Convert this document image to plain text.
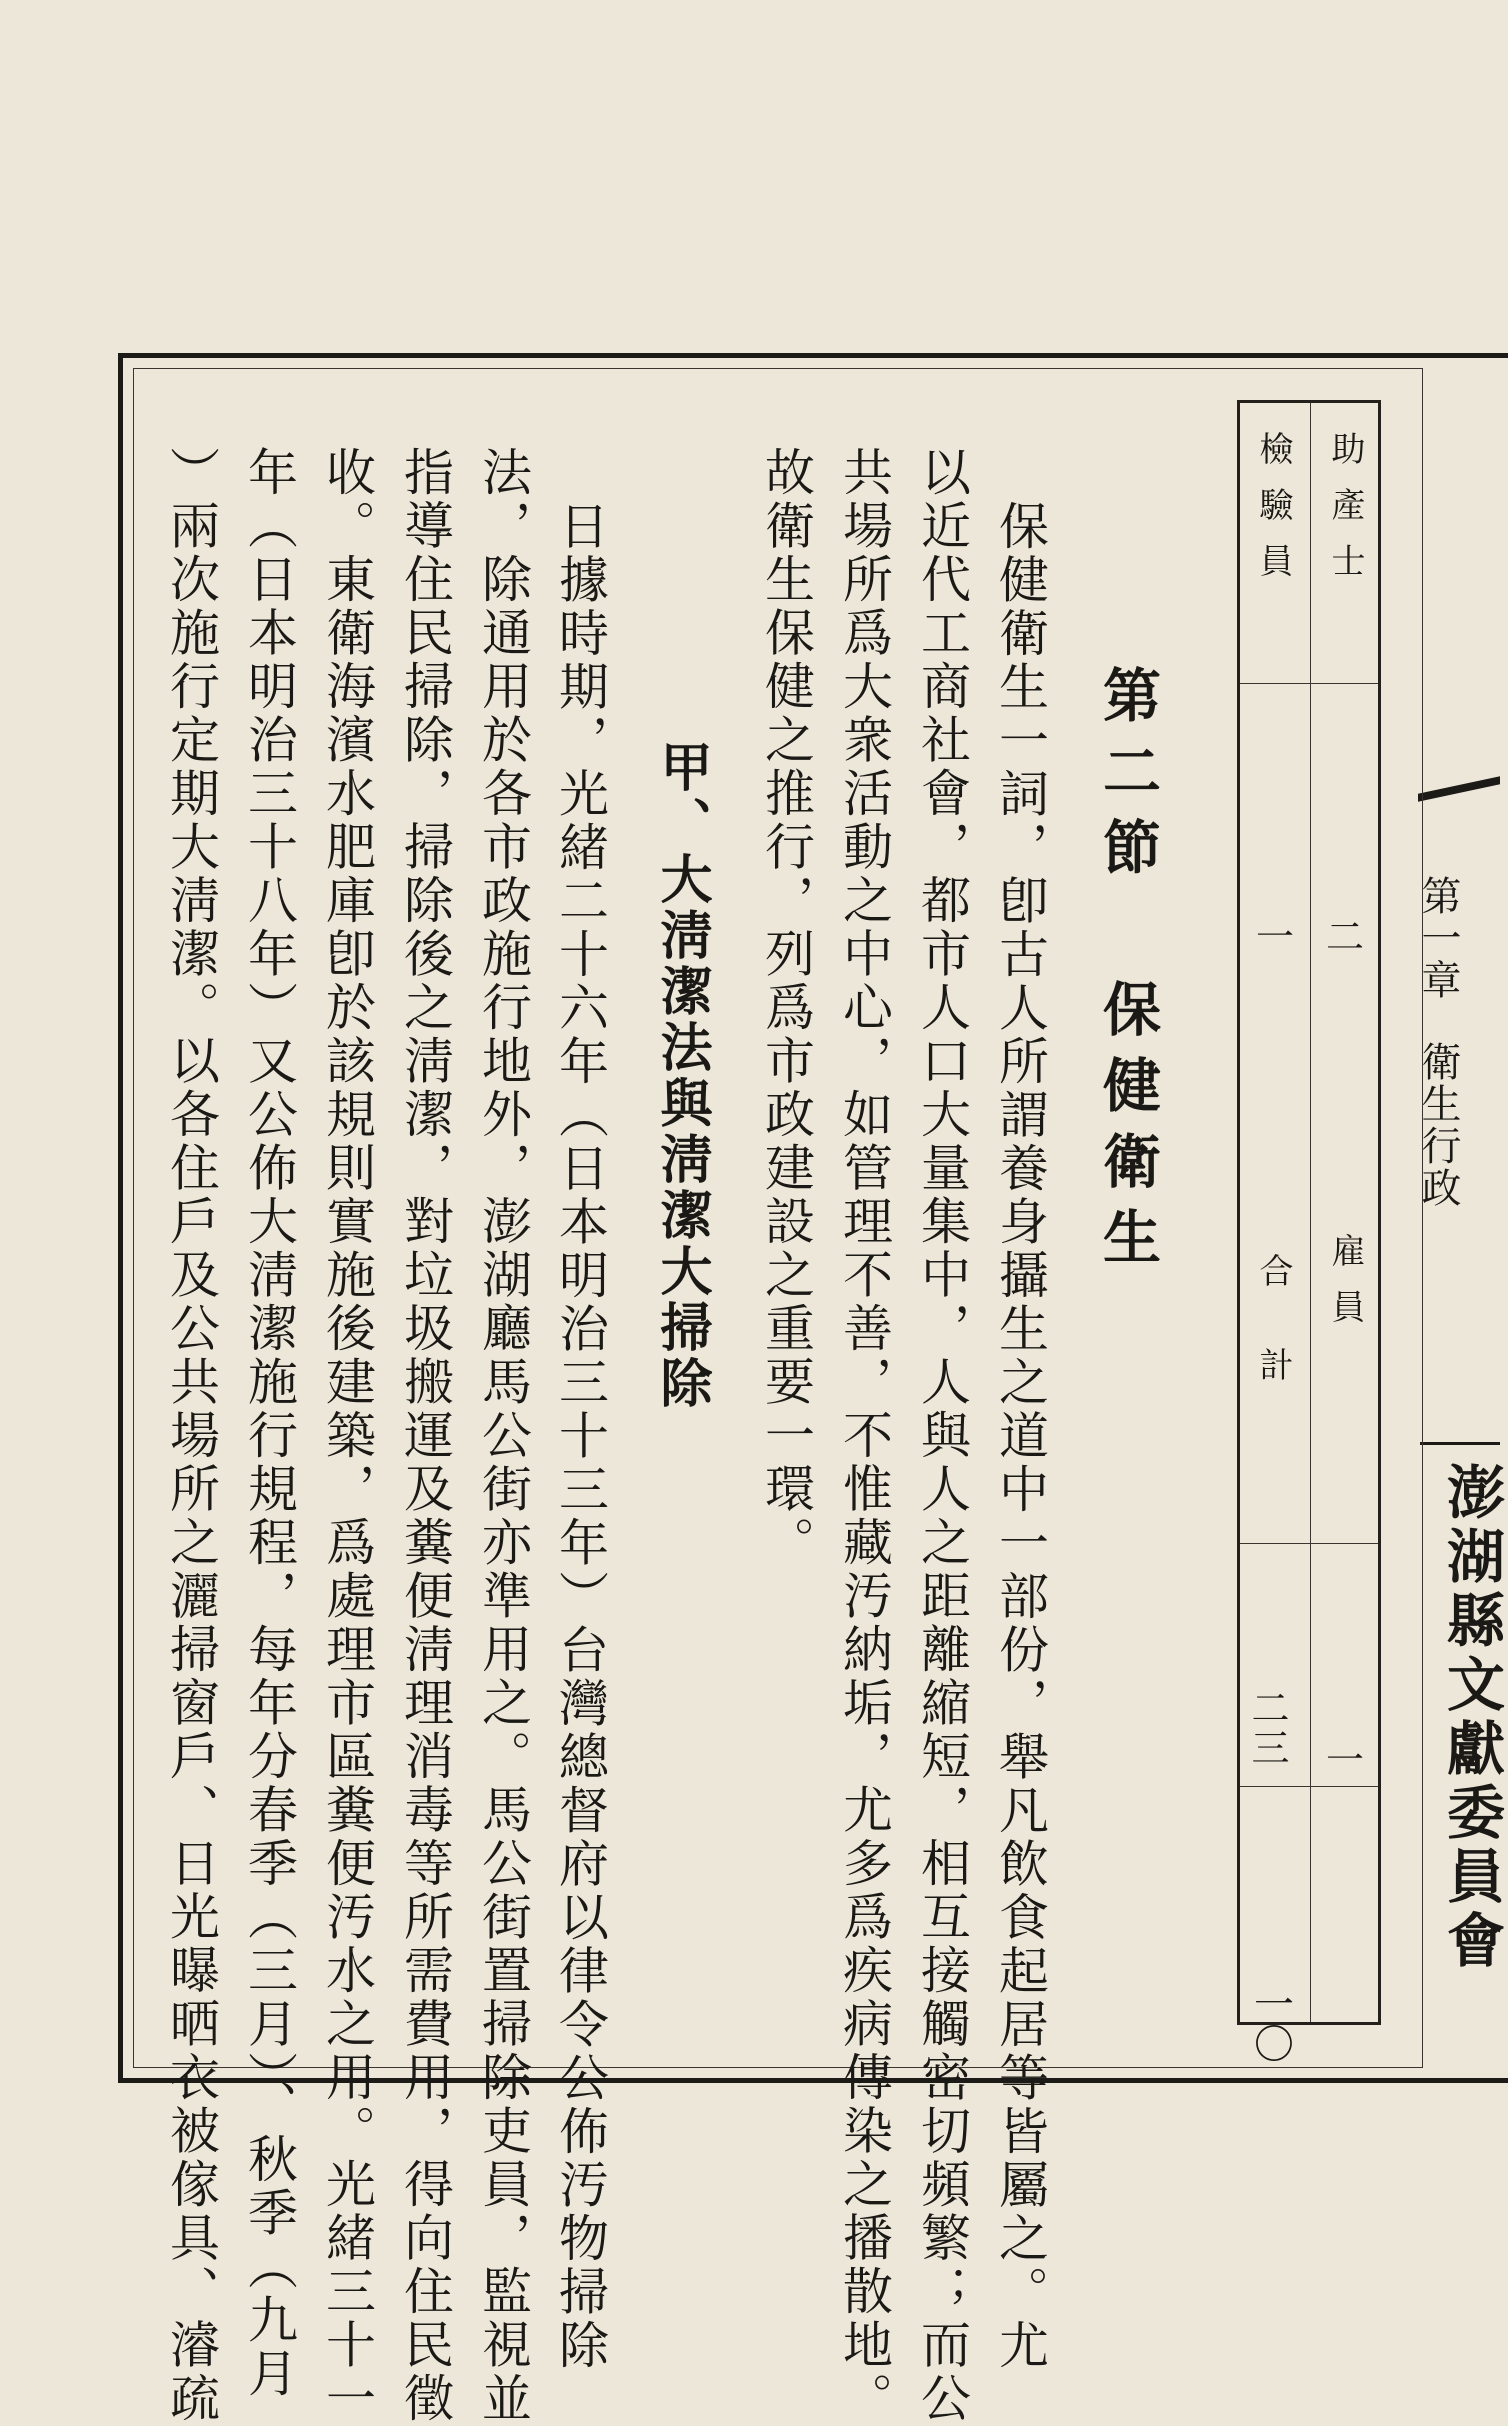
第一章衛生行政
澎湖縣文獻委員會
助產士
二
雇員
一
檢驗員
一
合計
二三
一〇
第二節 保健衛生
保健衛生一詞，卽古人所謂養身攝生之道中一部份，舉凡飲食起居等皆屬之。尤
以近代工商社會，都市人口大量集中，人與人之距離縮短，相互接觸密切頻繁；而公
共場所爲大衆活動之中心，如管理不善，不惟藏汚納垢，尤多爲疾病傳染之播散地。
故衛生保健之推行，列爲市政建設之重要一環。
甲、大淸潔法與淸潔大掃除
日據時期，光緒二十六年（日本明治三十三年）台灣總督府以律令公佈汚物掃除
法，除通用於各市政施行地外，澎湖廳馬公街亦準用之。馬公街置掃除吏員，監視並
指導住民掃除，掃除後之淸潔，對垃圾搬運及糞便淸理消毒等所需費用，得向住民徵
收。東衛海濱水肥庫卽於該規則實施後建築，爲處理市區糞便汚水之用。光緒三十一
年（日本明治三十八年）又公佈大淸潔施行規程，每年分春季（三月）、秋季（九月
）兩次施行定期大淸潔。以各住戶及公共場所之灑掃窗戶、日光曝晒衣被傢具、濬疏
